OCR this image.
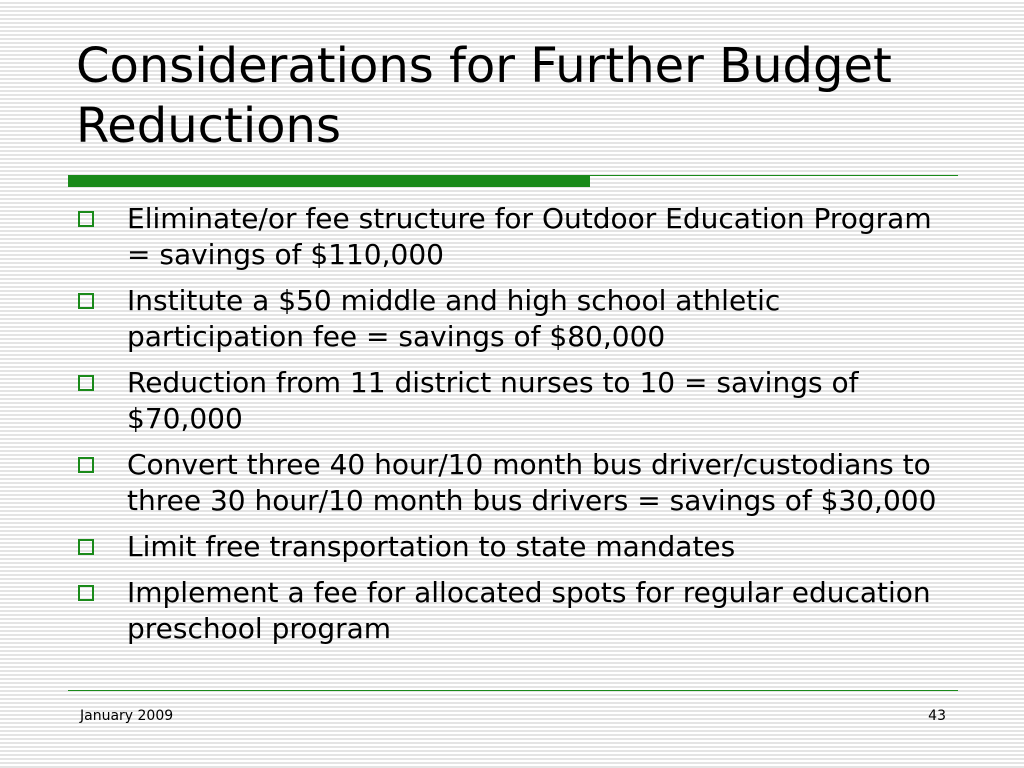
Considerations for Further Budget Reductions
Eliminate/or fee structure for Outdoor Education Program = savings of $110,000
Institute a $50 middle and high school athletic participation fee = savings of $80,000
Reduction from 11 district nurses to 10 = savings of $70,000
Convert three 40 hour/10 month bus driver/custodians to three 30 hour/10 month bus drivers = savings of $30,000
Limit free transportation to state mandates
Implement a fee for allocated spots for regular education preschool program
January 2009	43
